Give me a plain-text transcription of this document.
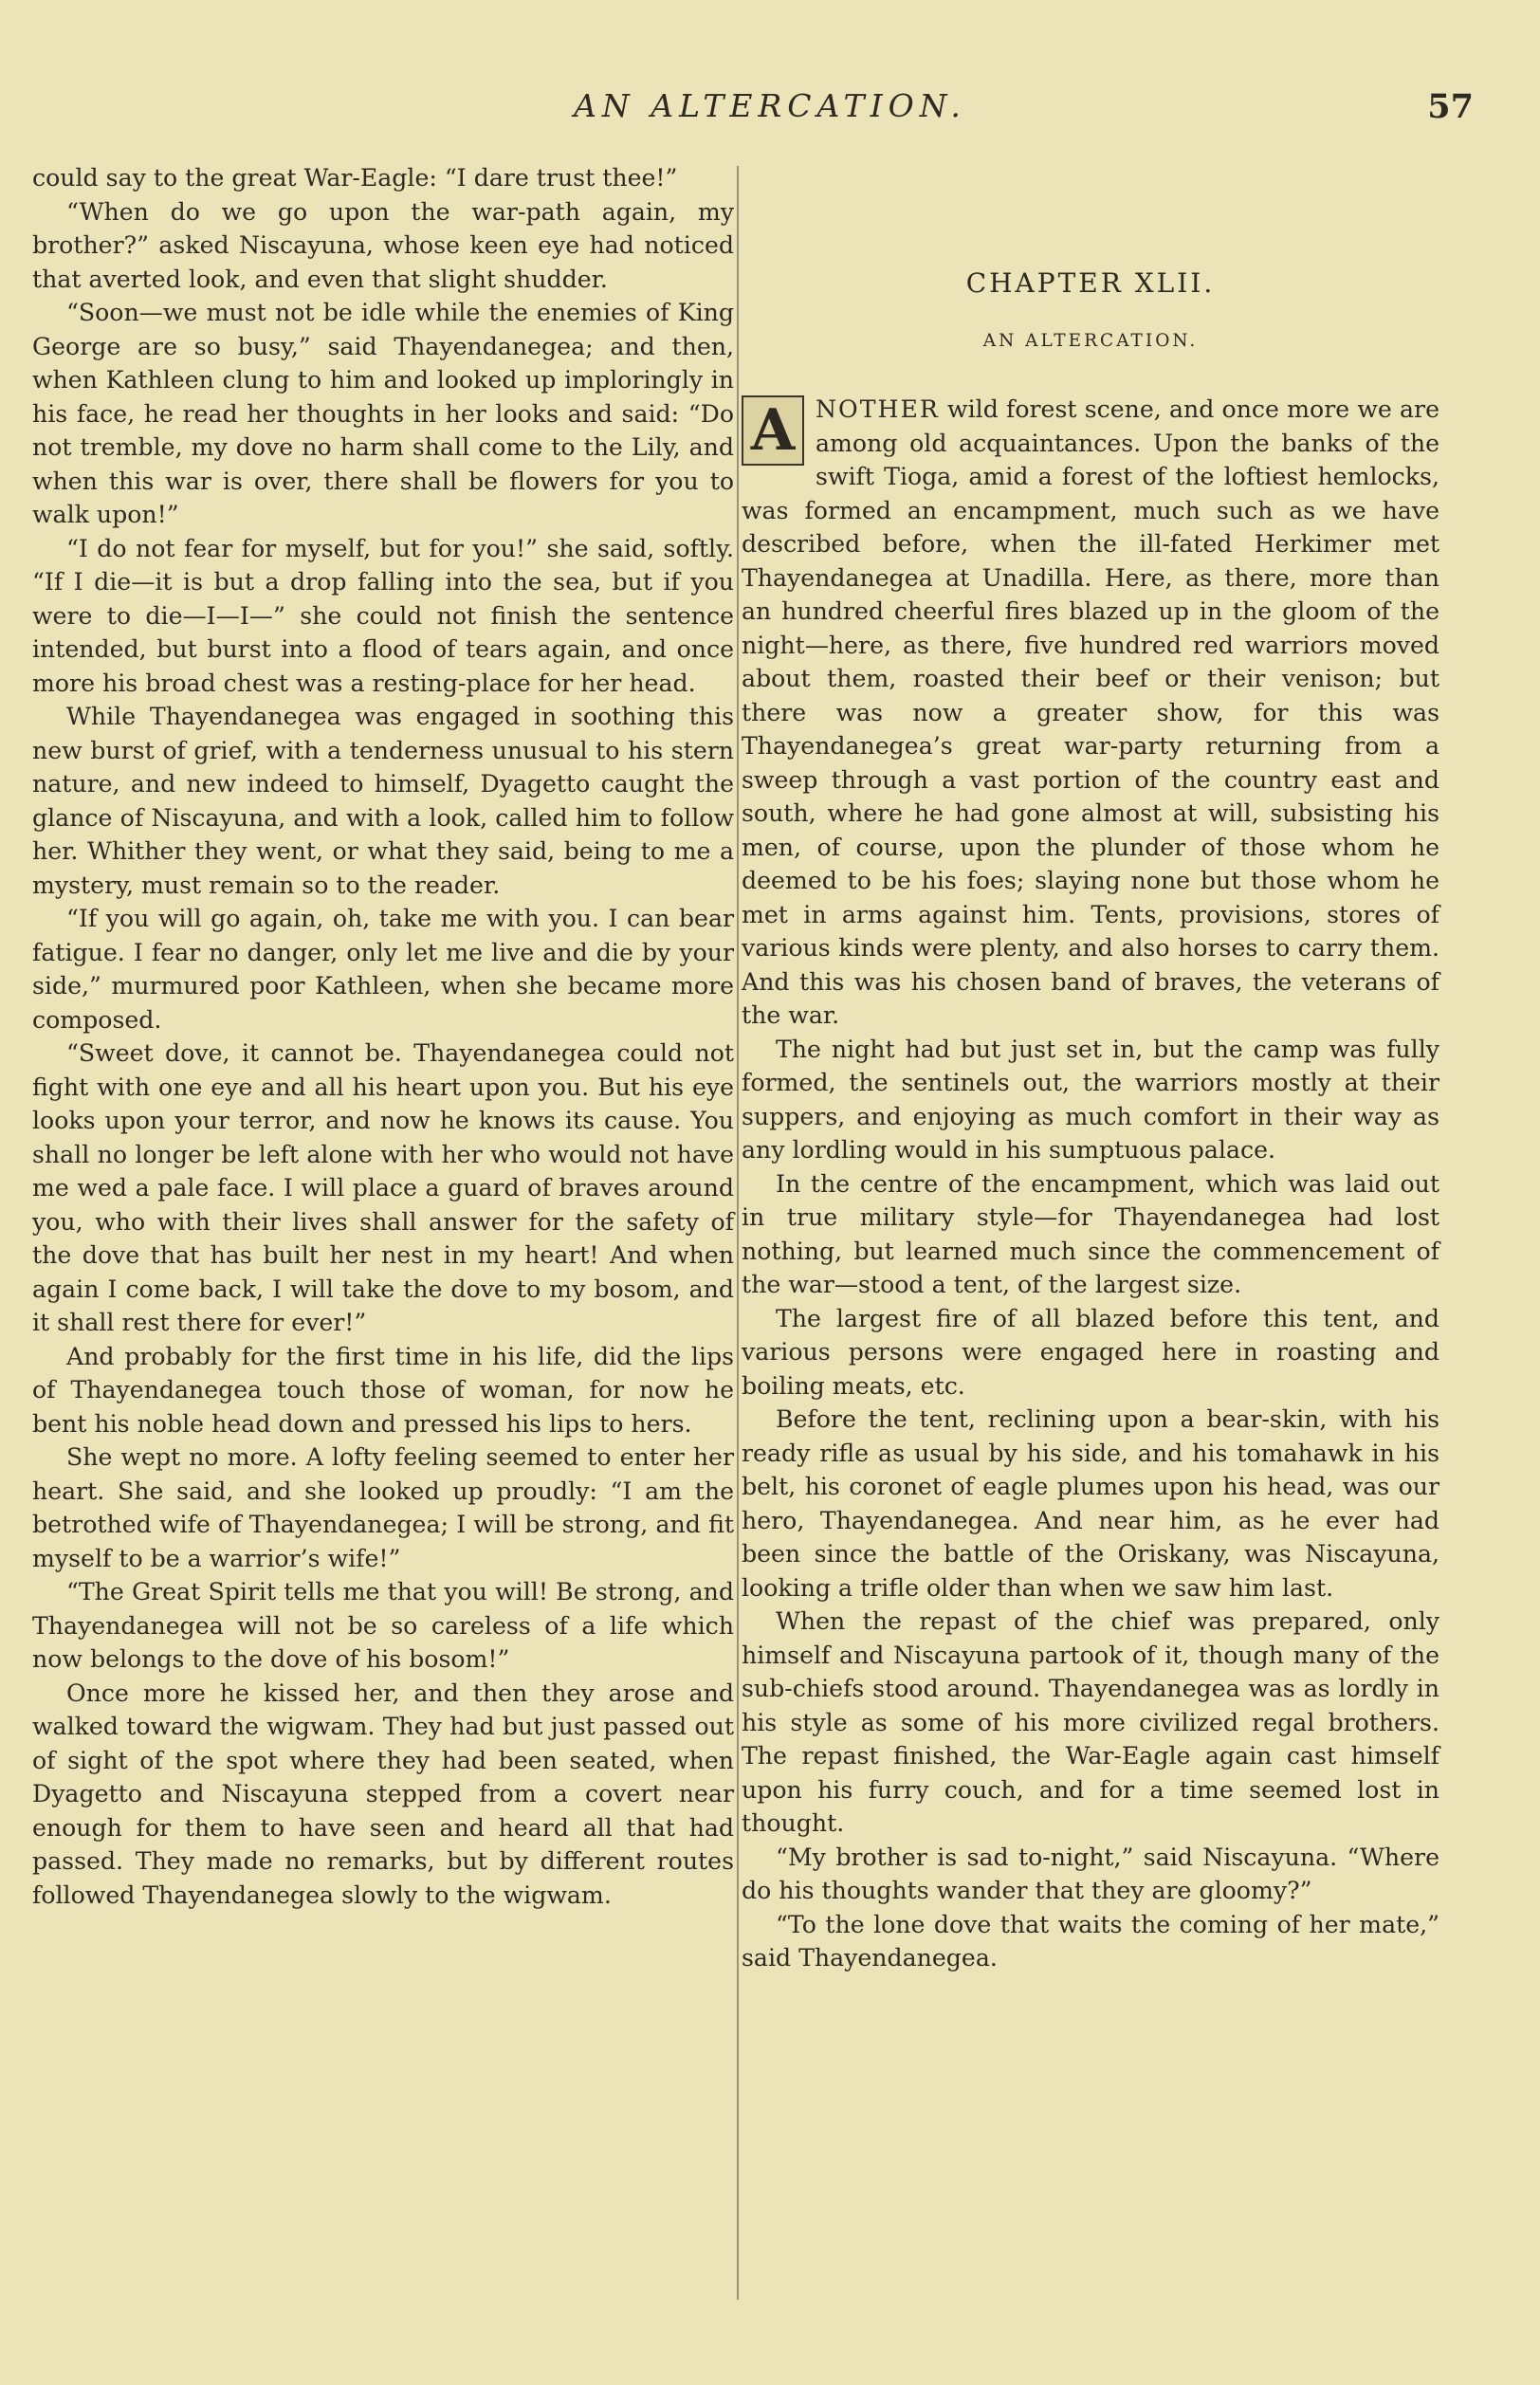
AN ALTERCATION.	57

could say to the great War-Eagle: “I dare trust thee!”

“When do we go upon the war-path again, my brother?” asked Niscayuna, whose keen eye had noticed that averted look, and even that slight shudder.

“Soon—we must not be idle while the enemies of King George are so busy,” said Thayendanegea; and then, when Kathleen clung to him and looked up imploringly in his face, he read her thoughts in her looks and said: “Do not tremble, my dove no harm shall come to the Lily, and when this war is over, there shall be flowers for you to walk upon!”

“I do not fear for myself, but for you!” she said, softly. “If I die—it is but a drop falling into the sea, but if you were to die—I—I—” she could not finish the sentence intended, but burst into a flood of tears again, and once more his broad chest was a resting-place for her head.

While Thayendanegea was engaged in soothing this new burst of grief, with a tenderness unusual to his stern nature, and new indeed to himself, Dyagetto caught the glance of Niscayuna, and with a look, called him to follow her. Whither they went, or what they said, being to me a mystery, must remain so to the reader.

“If you will go again, oh, take me with you. I can bear fatigue. I fear no danger, only let me live and die by your side,” murmured poor Kathleen, when she became more composed.

“Sweet dove, it cannot be. Thayendanegea could not fight with one eye and all his heart upon you. But his eye looks upon your terror, and now he knows its cause. You shall no longer be left alone with her who would not have me wed a pale face. I will place a guard of braves around you, who with their lives shall answer for the safety of the dove that has built her nest in my heart! And when again I come back, I will take the dove to my bosom, and it shall rest there for ever!”

And probably for the first time in his life, did the lips of Thayendanegea touch those of woman, for now he bent his noble head down and pressed his lips to hers.

She wept no more. A lofty feeling seemed to enter her heart. She said, and she looked up proudly: “I am the betrothed wife of Thayendanegea; I will be strong, and fit myself to be a warrior’s wife!”

“The Great Spirit tells me that you will! Be strong, and Thayendanegea will not be so careless of a life which now belongs to the dove of his bosom!”

Once more he kissed her, and then they arose and walked toward the wigwam. They had but just passed out of sight of the spot where they had been seated, when Dyagetto and Niscayuna stepped from a covert near enough for them to have seen and heard all that had passed. They made no remarks, but by different routes followed Thayendanegea slowly to the wigwam.

CHAPTER XLII.
AN ALTERCATION.

A NOTHER wild forest scene, and once more we are among old acquaintances. Upon the banks of the swift Tioga, amid a forest of the loftiest hemlocks, was formed an encampment, much such as we have described before, when the ill-fated Herkimer met Thayendanegea at Unadilla. Here, as there, more than an hundred cheerful fires blazed up in the gloom of the night—here, as there, five hundred red warriors moved about them, roasted their beef or their venison; but there was now a greater show, for this was Thayendanegea’s great war-party returning from a sweep through a vast portion of the country east and south, where he had gone almost at will, subsisting his men, of course, upon the plunder of those whom he deemed to be his foes; slaying none but those whom he met in arms against him. Tents, provisions, stores of various kinds were plenty, and also horses to carry them. And this was his chosen band of braves, the veterans of the war.

The night had but just set in, but the camp was fully formed, the sentinels out, the warriors mostly at their suppers, and enjoying as much comfort in their way as any lordling would in his sumptuous palace.

In the centre of the encampment, which was laid out in true military style—for Thayendanegea had lost nothing, but learned much since the commencement of the war—stood a tent, of the largest size.

The largest fire of all blazed before this tent, and various persons were engaged here in roasting and boiling meats, etc.

Before the tent, reclining upon a bear-skin, with his ready rifle as usual by his side, and his tomahawk in his belt, his coronet of eagle plumes upon his head, was our hero, Thayendanegea. And near him, as he ever had been since the battle of the Oriskany, was Niscayuna, looking a trifle older than when we saw him last.

When the repast of the chief was prepared, only himself and Niscayuna partook of it, though many of the sub-chiefs stood around. Thayendanegea was as lordly in his style as some of his more civilized regal brothers. The repast finished, the War-Eagle again cast himself upon his furry couch, and for a time seemed lost in thought.

“My brother is sad to-night,” said Niscayuna. “Where do his thoughts wander that they are gloomy?”

“To the lone dove that waits the coming of her mate,” said Thayendanegea.
